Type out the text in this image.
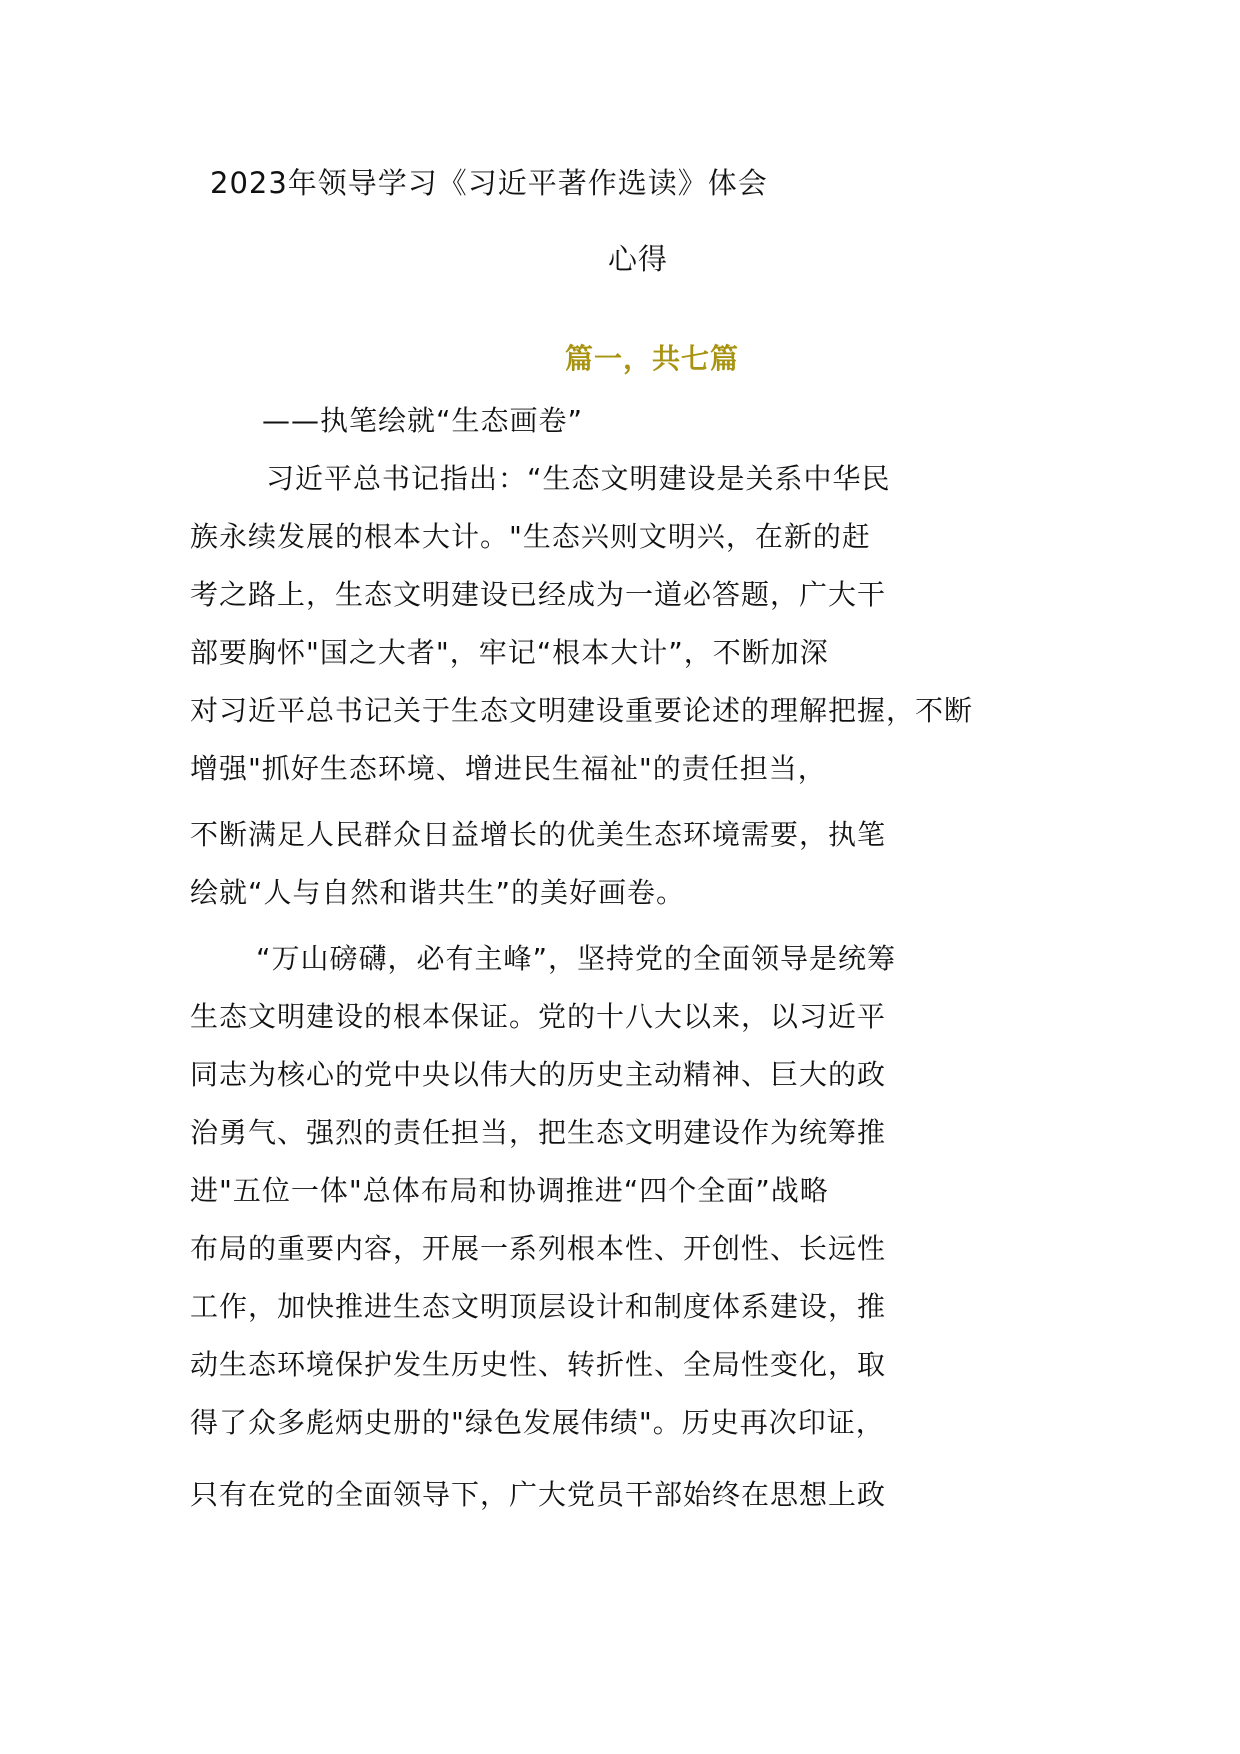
2023年领导学习《习近平著作选读》体会
心得
篇一，共七篇
——执笔绘就“生态画卷”
习近平总书记指出：“生态文明建设是关系中华民
族永续发展的根本大计。"生态兴则文明兴，在新的赶
考之路上，生态文明建设已经成为一道必答题，广大干
部要胸怀"国之大者"，牢记“根本大计”，不断加深
对习近平总书记关于生态文明建设重要论述的理解把握，不断
增强"抓好生态环境、增进民生福祉"的责任担当，
不断满足人民群众日益增长的优美生态环境需要，执笔
绘就“人与自然和谐共生”的美好画卷。
“万山磅礴，必有主峰”，坚持党的全面领导是统筹
生态文明建设的根本保证。党的十八大以来，以习近平
同志为核心的党中央以伟大的历史主动精神、巨大的政
治勇气、强烈的责任担当，把生态文明建设作为统筹推
进"五位一体"总体布局和协调推进“四个全面”战略
布局的重要内容，开展一系列根本性、开创性、长远性
工作，加快推进生态文明顶层设计和制度体系建设，推
动生态环境保护发生历史性、转折性、全局性变化，取
得了众多彪炳史册的"绿色发展伟绩"。历史再次印证，
只有在党的全面领导下，广大党员干部始终在思想上政
